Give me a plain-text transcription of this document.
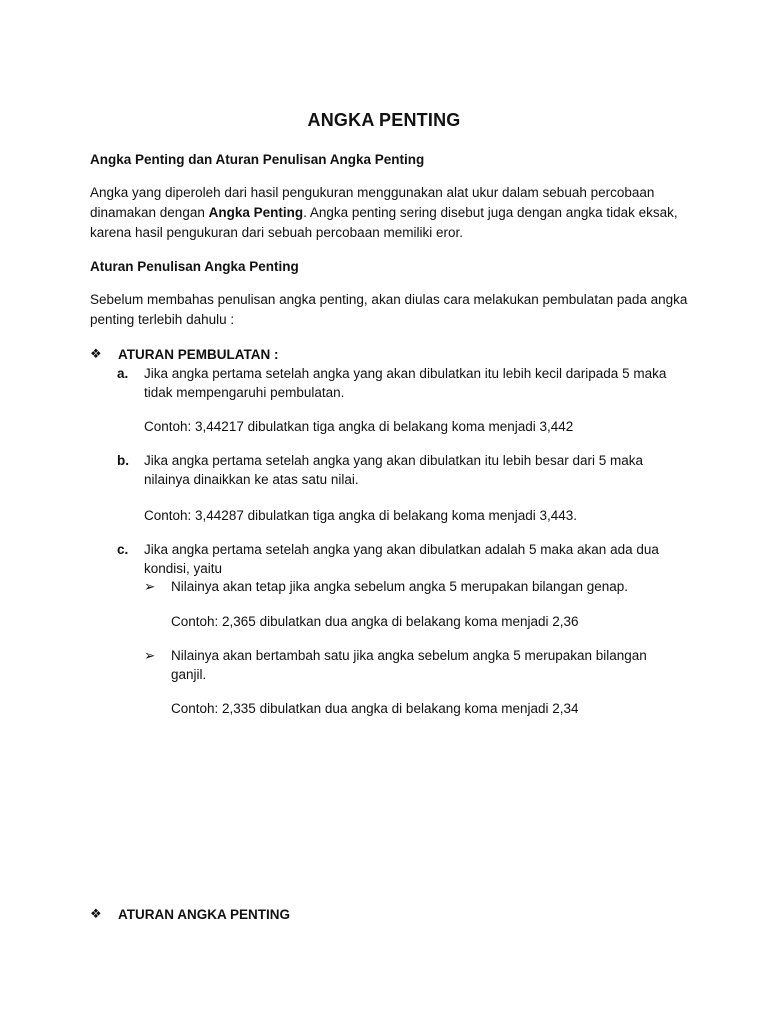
ANGKA PENTING
Angka Penting dan Aturan Penulisan Angka Penting
Angka yang diperoleh dari hasil pengukuran menggunakan alat ukur dalam sebuah percobaan dinamakan dengan Angka Penting. Angka penting sering disebut juga dengan angka tidak eksak, karena hasil pengukuran dari sebuah percobaan memiliki eror.
Aturan Penulisan Angka Penting
Sebelum membahas penulisan angka penting, akan diulas cara melakukan pembulatan pada angka penting terlebih dahulu :
❖	ATURAN PEMBULATAN :
a. Jika angka pertama setelah angka yang akan dibulatkan itu lebih kecil daripada 5 maka tidak mempengaruhi pembulatan.
Contoh: 3,44217 dibulatkan tiga angka di belakang koma menjadi 3,442
b. Jika angka pertama setelah angka yang akan dibulatkan itu lebih besar dari 5 maka nilainya dinaikkan ke atas satu nilai.
Contoh: 3,44287 dibulatkan tiga angka di belakang koma menjadi 3,443.
c. Jika angka pertama setelah angka yang akan dibulatkan adalah 5 maka akan ada dua kondisi, yaitu
➢ Nilainya akan tetap jika angka sebelum angka 5 merupakan bilangan genap.
Contoh: 2,365 dibulatkan dua angka di belakang koma menjadi 2,36
➢ Nilainya akan bertambah satu jika angka sebelum angka 5 merupakan bilangan ganjil.
Contoh: 2,335 dibulatkan dua angka di belakang koma menjadi 2,34
❖	ATURAN ANGKA PENTING
